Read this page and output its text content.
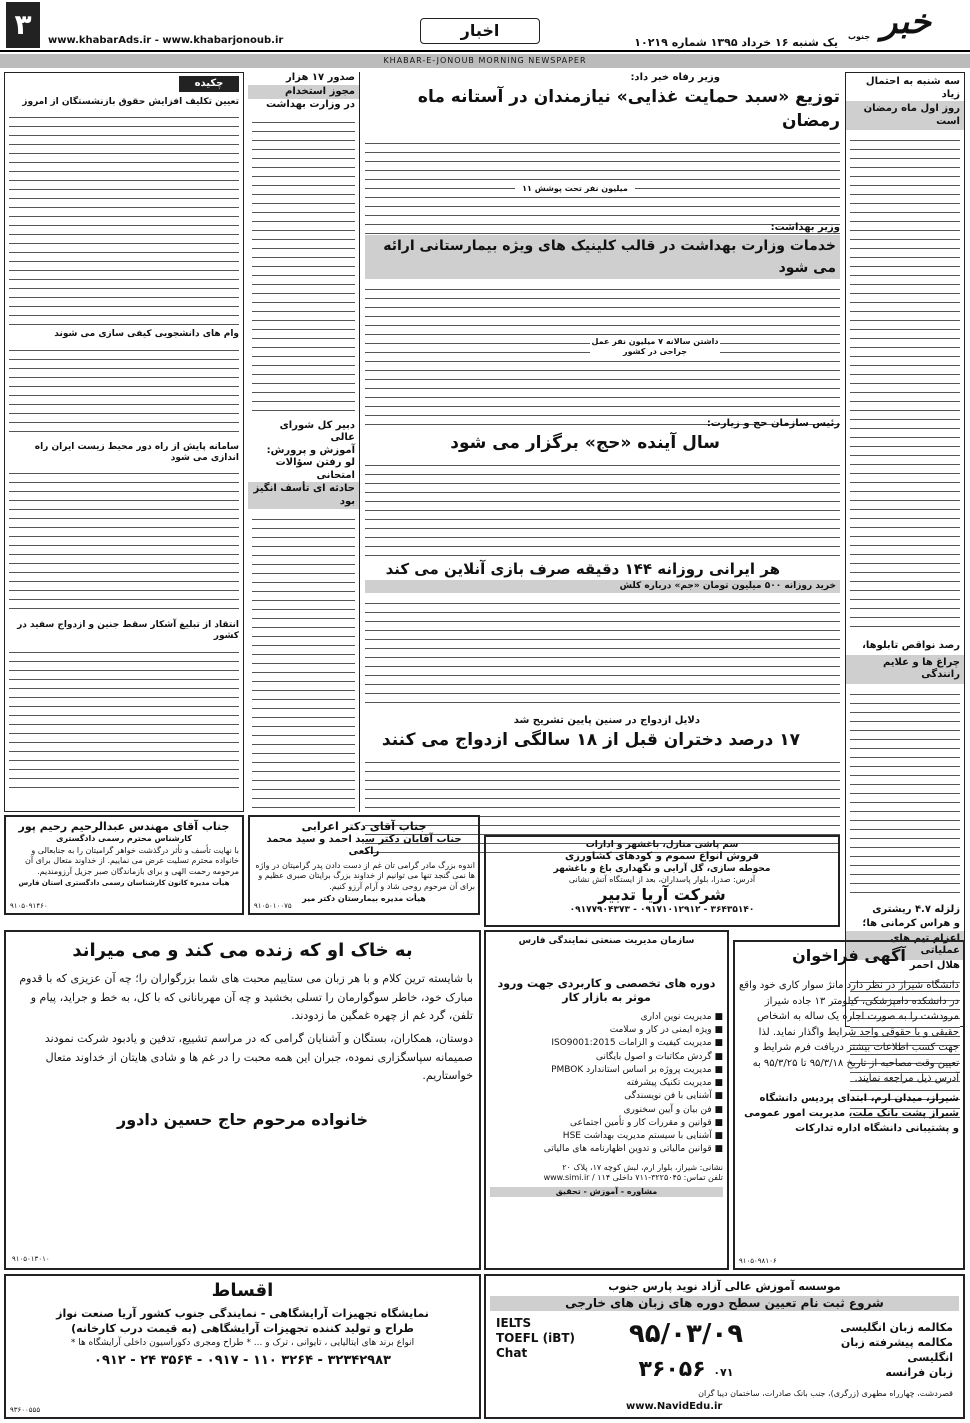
۳	www.khabarAds.ir - www.khabarjonoub.ir
اخبار
یک شنبه ۱۶ خرداد ۱۳۹۵ شماره ۱۰۲۱۹
خبر
جنوب
KHABAR-E-JONOUB MORNING NEWSPAPER
سه شنبه به احتمال زیاد
روز اول ماه رمضان است
رصد نواقص تابلوها،
چراغ ها و علایم رانندگی
زلزله ۴.۷ ریشتری
و هراس کرمانی ها؛
اعزام تیم های عملیاتی
هلال احمر
وزیر رفاه خبر داد:
توزیع «سبد حمایت غذایی» نیازمندان در آستانه ماه رمضان
۱۱ میلیون نفر تحت پوشش
وزیر بهداشت:
خدمات وزارت بهداشت در قالب کلینیک های ویژه بیمارستانی ارائه می شود
داشتن سالانه ۷ میلیون نفر عمل جراحی در کشور
رئیس سازمان حج و زیارت:
سال آینده «حج» برگزار می شود
هر ایرانی روزانه ۱۴۴ دقیقه صرف بازی آنلاین می کند
خرید روزانه ۵۰۰ میلیون تومان «جم» درباره کلش
دلایل ازدواج در سنین پایین تشریح شد
۱۷ درصد دختران قبل از ۱۸ سالگی ازدواج می کنند
صدور ۱۷ هزار
مجوز استخدام
در وزارت بهداشت
دبیر کل شورای عالی
آموزش و پرورش:
لو رفتن سؤالات امتحانی
حادثه ای تأسف انگیز بود
چکیده
تعیین تکلیف افزایش حقوق بازنشستگان از امروز
وام های دانشجویی کیفی سازی می شوند
سامانه پایش از راه دور محیط زیست ایران راه اندازی می شود
انتقاد از تبلیغ آشکار سقط جنین و ازدواج سفید در کشور
جناب آقای مهندس عبدالرحیم رحیم پور
کارشناس محترم رسمی دادگستری
با نهایت تأسف و تأثر درگذشت خواهر گرامیتان را به جنابعالی و خانواده محترم تسلیت عرض می نماییم. از خداوند متعال برای آن مرحومه رحمت الهی و برای بازماندگان صبر جزیل آرزومندیم.
هیأت مدیره کانون کارشناسان رسمی دادگستری استان فارس
۹۱۰۵۰۹۱۴۶۰
جناب آقای دکتر اعرابی
جناب آقایان دکتر سید احمد و سید محمد راکعی
اندوه بزرگ مادر گرامی تان غم از دست دادن پدر گرامیتان در واژه ها نمی گنجد تنها می توانیم از خداوند بزرگ برایتان صبری عظیم و برای آن مرحوم روحی شاد و آرام آرزو کنیم.
هیأت مدیره بیمارستان دکتر میر
۹۱۰۵۰۱۰۰۷۵
سم پاشی منازل، باغشهر و ادارات
فروش انواع سموم و کودهای کشاورزی
محوطه سازی، گل آرایی و نگهداری باغ و باغشهر
آدرس: صدرا، بلوار پاسداران، بعد از ایستگاه آتش نشانی
شرکت آریا تدبیر
۰۹۱۷۷۹۰۴۳۷۳ - ۰۹۱۷۱۰۱۲۹۱۲ - ۳۶۴۳۵۱۴۰
به خاک او که زنده می کند و می میراند
با شایسته ترین کلام و با هر زبان می ستاییم محبت های شما بزرگواران را؛ چه آن عزیزی که با قدوم مبارک خود، خاطر سوگوارمان را تسلی بخشید و چه آن مهربانانی که با کل، به خط و جراید، پیام و تلفن، گرد غم از چهره غمگین ما زدودند.
دوستان، همکاران، بستگان و آشنایان گرامی که در مراسم تشییع، تدفین و یادبود شرکت نمودند صمیمانه سپاسگزاری نموده، جبران این همه محبت را در غم ها و شادی هایتان از خداوند متعال خواستاریم.
خانواده مرحوم حاج حسین دادور
۹۱۰۵۰۱۳۰۱۰
سازمان مدیریت صنعتی نمایندگی فارس
دوره های تخصصی و کاربردی جهت ورود موثر به بازار کار
■ مدیریت نوین اداری
■ ویژه ایمنی در کار و سلامت
■ مدیریت کیفیت و الزامات ISO9001:2015
■ گردش مکاتبات و اصول بایگانی
■ مدیریت پروژه بر اساس استاندارد PMBOK
■ مدیریت تکنیک پیشرفته
■ آشنایی با فن نویسندگی
■ فن بیان و آیین سخنوری
■ قوانین و مقررات کار و تأمین اجتماعی
■ آشنایی با سیستم مدیریت بهداشت HSE
■ قوانین مالیاتی و تدوین اظهارنامه های مالیاتی
نشانی: شیراز، بلوار ارم، لبش کوچه ۱۷، پلاک ۲۰
تلفن تماس: ۳۲۲۵۰۴۵-۷۱۱ داخلی ۱۱۴ / www.simi.ir
مشاوره - آموزش - تحقیق
آگهی فراخوان
دانشگاه شیراز در نظر دارد مانژ سوار کاری خود واقع در دانشکده دامپزشکی، کیلومتر ۱۳ جاده شیراز مرودشت را به صورت اجاره یک ساله به اشخاص حقیقی و یا حقوقی واجد شرایط واگذار نماید. لذا جهت کسب اطلاعات بیشتر دریافت فرم شرایط و تعیین وقت مصاحبه از تاریخ ۹۵/۳/۱۸ تا ۹۵/۳/۲۵ به آدرس ذیل مراجعه نمایند.
شیراز، میدان ارم، ابتدای پردیس دانشگاه شیراز پشت بانک ملت، مدیریت امور عمومی و پشتیبانی دانشگاه اداره تدارکات
۹۱۰۵۰۹۸۱۰۶
موسسه آموزش عالی آزاد نوید پارس جنوب
شروع ثبت نام تعیین سطح دوره های زبان های خارجی
IELTS
TOEFL (iBT)
Chat
۹۵/۰۳/۰۹
۳۶۰۵۶ ۰۷۱
مکالمه زبان انگلیسی
مکالمه پیشرفته زبان انگلیسی
زبان فرانسه
قصردشت، چهارراه مطهری (زرگری)، جنب بانک صادرات، ساختمان دیبا گران
www.NavidEdu.ir
اقساط
نمایشگاه تجهیزات آرایشگاهی - نمایندگی جنوب کشور آریا صنعت نواز
طراح و تولید کننده تجهیزات آرایشگاهی (به قیمت درب کارخانه)
* انواع برند های ایتالیایی ، تایوانی ، ترک و ... * طراح ومجری دکوراسیون داخلی آرایشگاه ها
۰۹۱۲ - ۲۴ ۳۵۶۴ - ۰۹۱۷ - ۱۱۰ ۳۲۶۴ - ۳۲۳۴۲۹۸۳
۹۳۶۰۰۵۵۵
